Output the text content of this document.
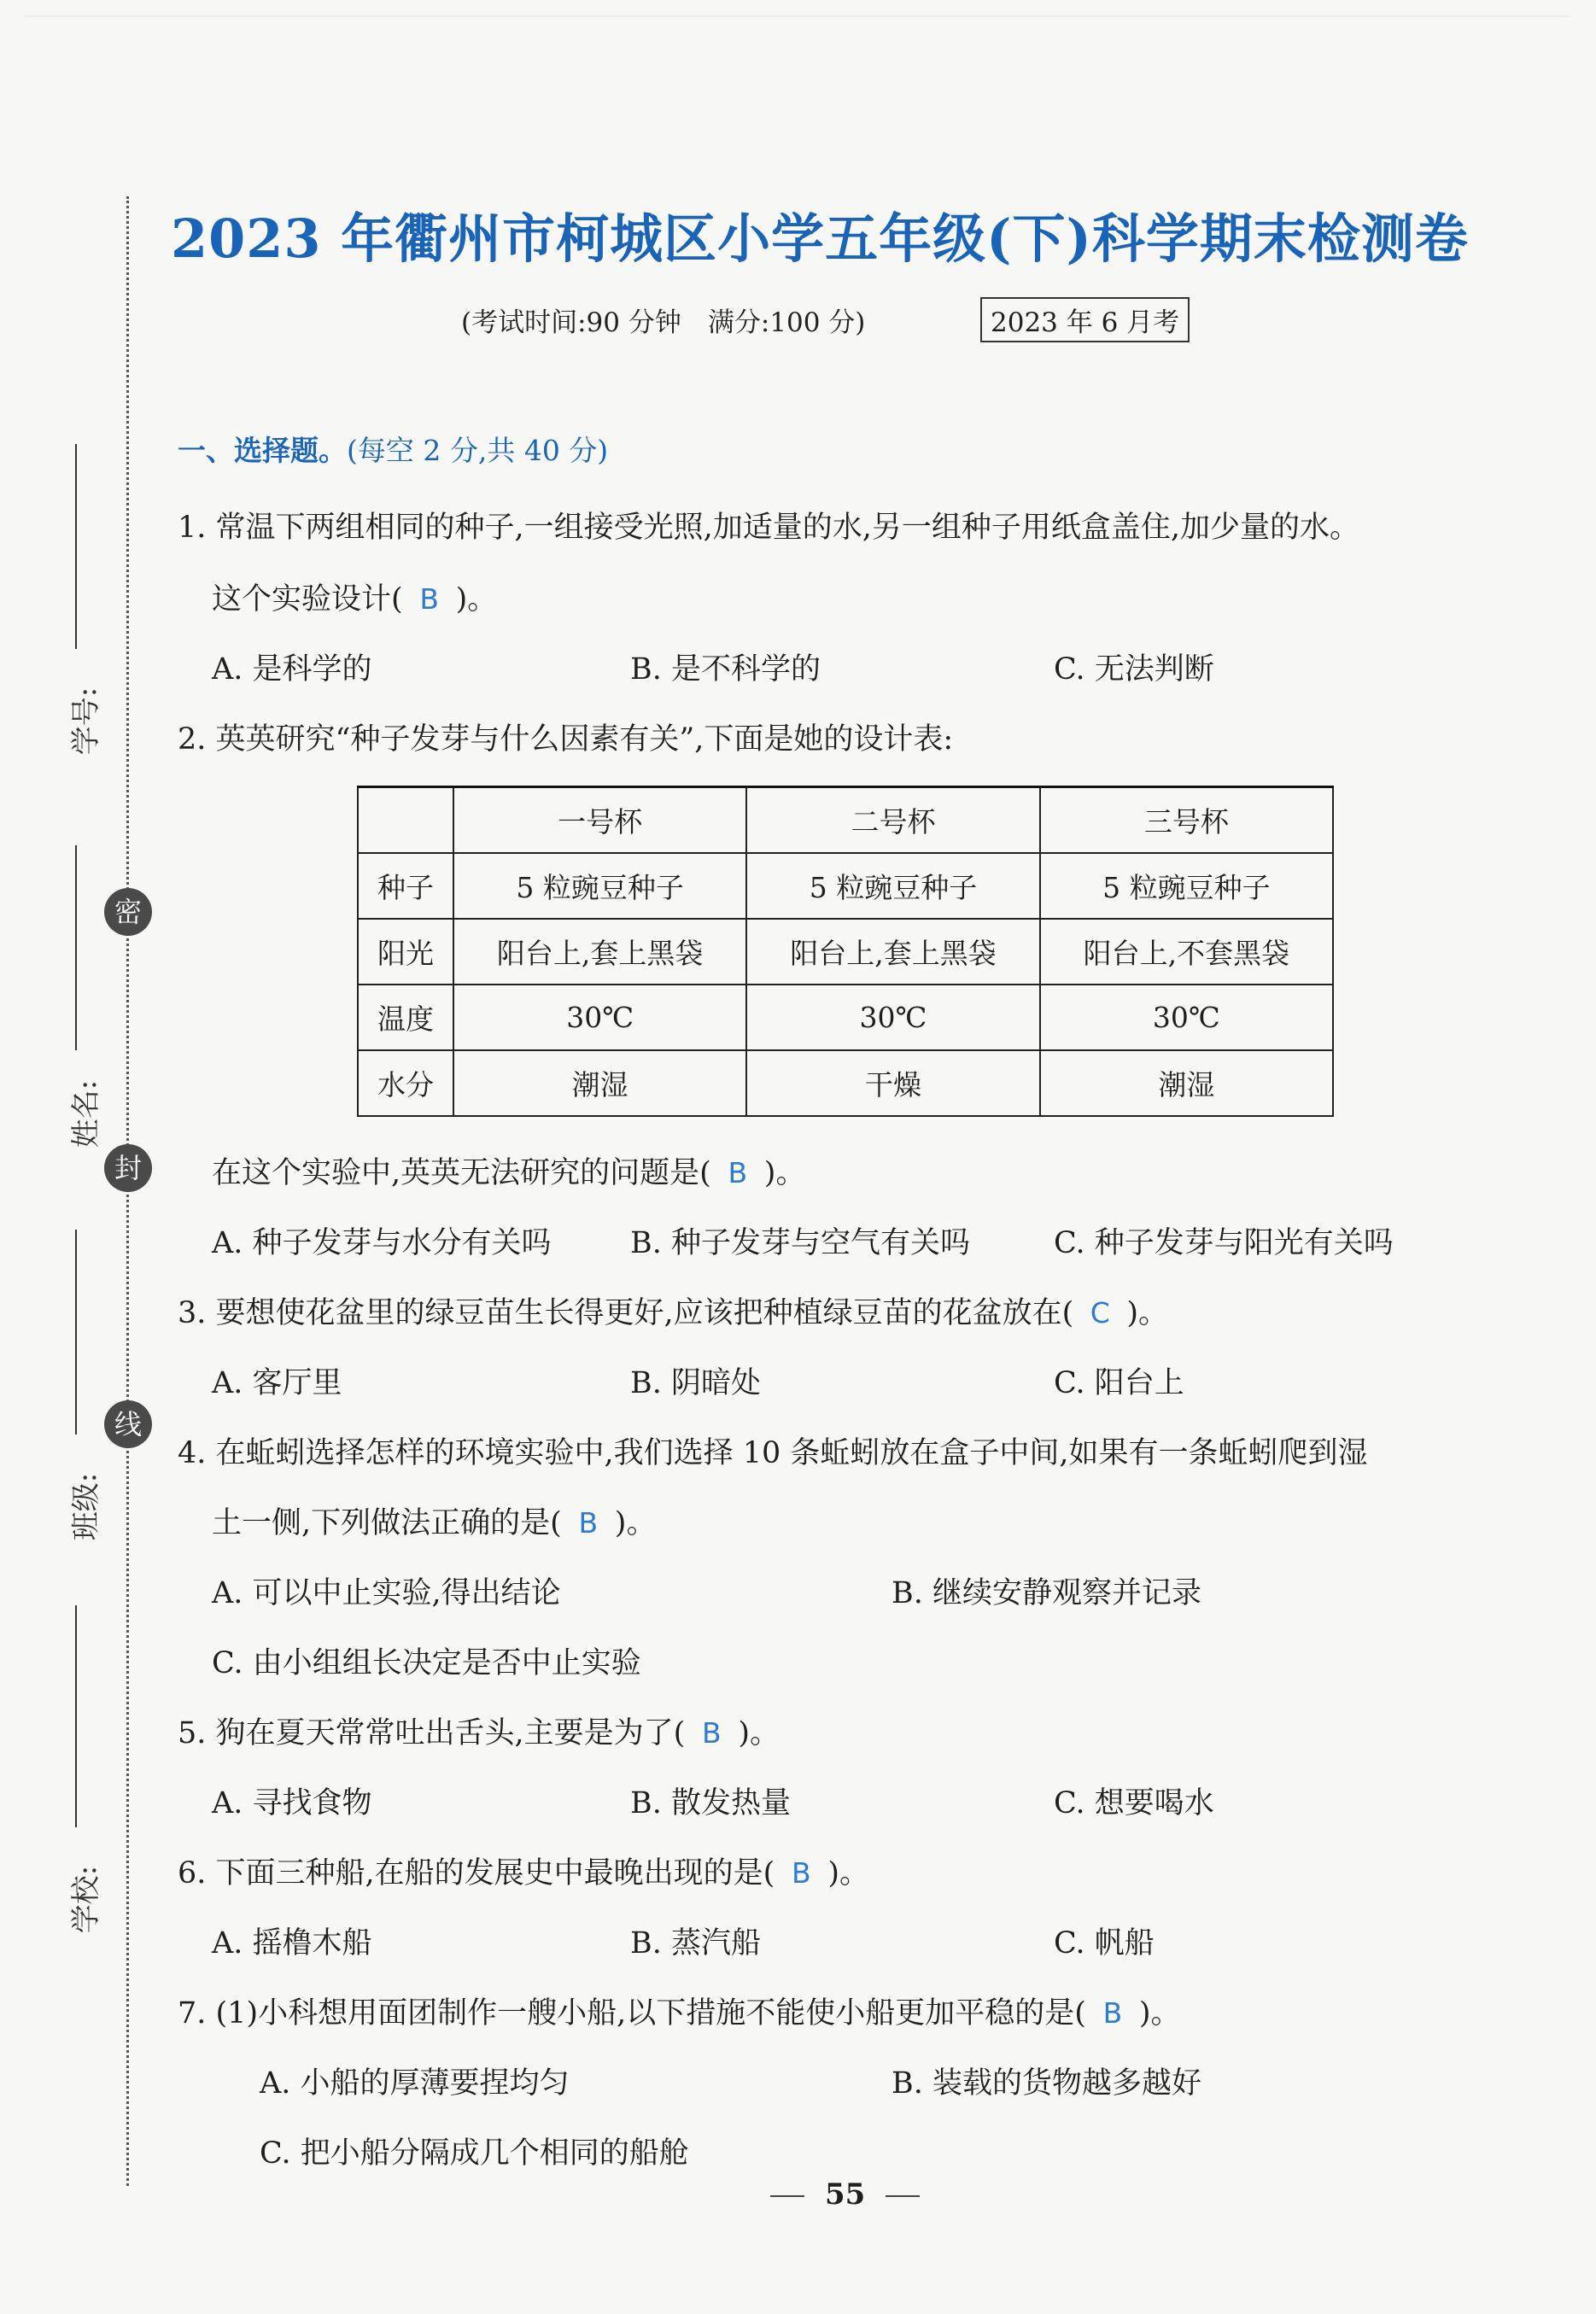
学号:
姓名:
班级:
学校:
密
封
线
2023 年衢州市柯城区小学五年级(下)科学期末检测卷
(考试时间:90 分钟　满分:100 分)	2023 年 6 月考
一、选择题。(每空 2 分,共 40 分)
1. 常温下两组相同的种子,一组接受光照,加适量的水,另一组种子用纸盒盖住,加少量的水。
这个实验设计( B )。
A. 是科学的	B. 是不科学的	C. 无法判断
2. 英英研究“种子发芽与什么因素有关”,下面是她的设计表:
	一号杯	二号杯	三号杯
种子	5 粒豌豆种子	5 粒豌豆种子	5 粒豌豆种子
阳光	阳台上,套上黑袋	阳台上,套上黑袋	阳台上,不套黑袋
温度	30℃	30℃	30℃
水分	潮湿	干燥	潮湿
在这个实验中,英英无法研究的问题是( B )。
A. 种子发芽与水分有关吗	B. 种子发芽与空气有关吗	C. 种子发芽与阳光有关吗
3. 要想使花盆里的绿豆苗生长得更好,应该把种植绿豆苗的花盆放在( C )。
A. 客厅里	B. 阴暗处	C. 阳台上
4. 在蚯蚓选择怎样的环境实验中,我们选择 10 条蚯蚓放在盒子中间,如果有一条蚯蚓爬到湿
土一侧,下列做法正确的是( B )。
A. 可以中止实验,得出结论	B. 继续安静观察并记录
C. 由小组组长决定是否中止实验
5. 狗在夏天常常吐出舌头,主要是为了( B )。
A. 寻找食物	B. 散发热量	C. 想要喝水
6. 下面三种船,在船的发展史中最晚出现的是( B )。
A. 摇橹木船	B. 蒸汽船	C. 帆船
7. (1)小科想用面团制作一艘小船,以下措施不能使小船更加平稳的是( B )。
A. 小船的厚薄要捏均匀	B. 装载的货物越多越好
C. 把小船分隔成几个相同的船舱
55
